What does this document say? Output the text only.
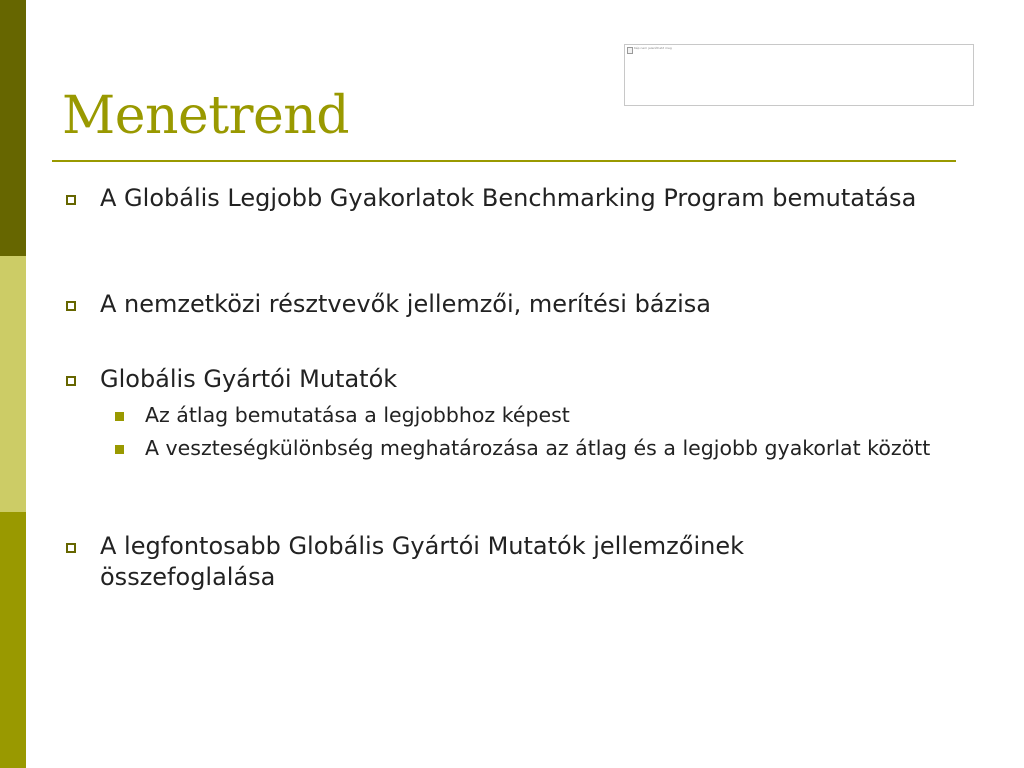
Kép nem jeleníthető meg
Menetrend
A Globális Legjobb Gyakorlatok Benchmarking Program bemutatása
A nemzetközi résztvevők jellemzői, merítési bázisa
Globális Gyártói Mutatók
Az átlag bemutatása a legjobbhoz képest
A veszteségkülönbség meghatározása az átlag és a legjobb gyakorlat között
A legfontosabb Globális Gyártói Mutatók jellemzőinek összefoglalása
